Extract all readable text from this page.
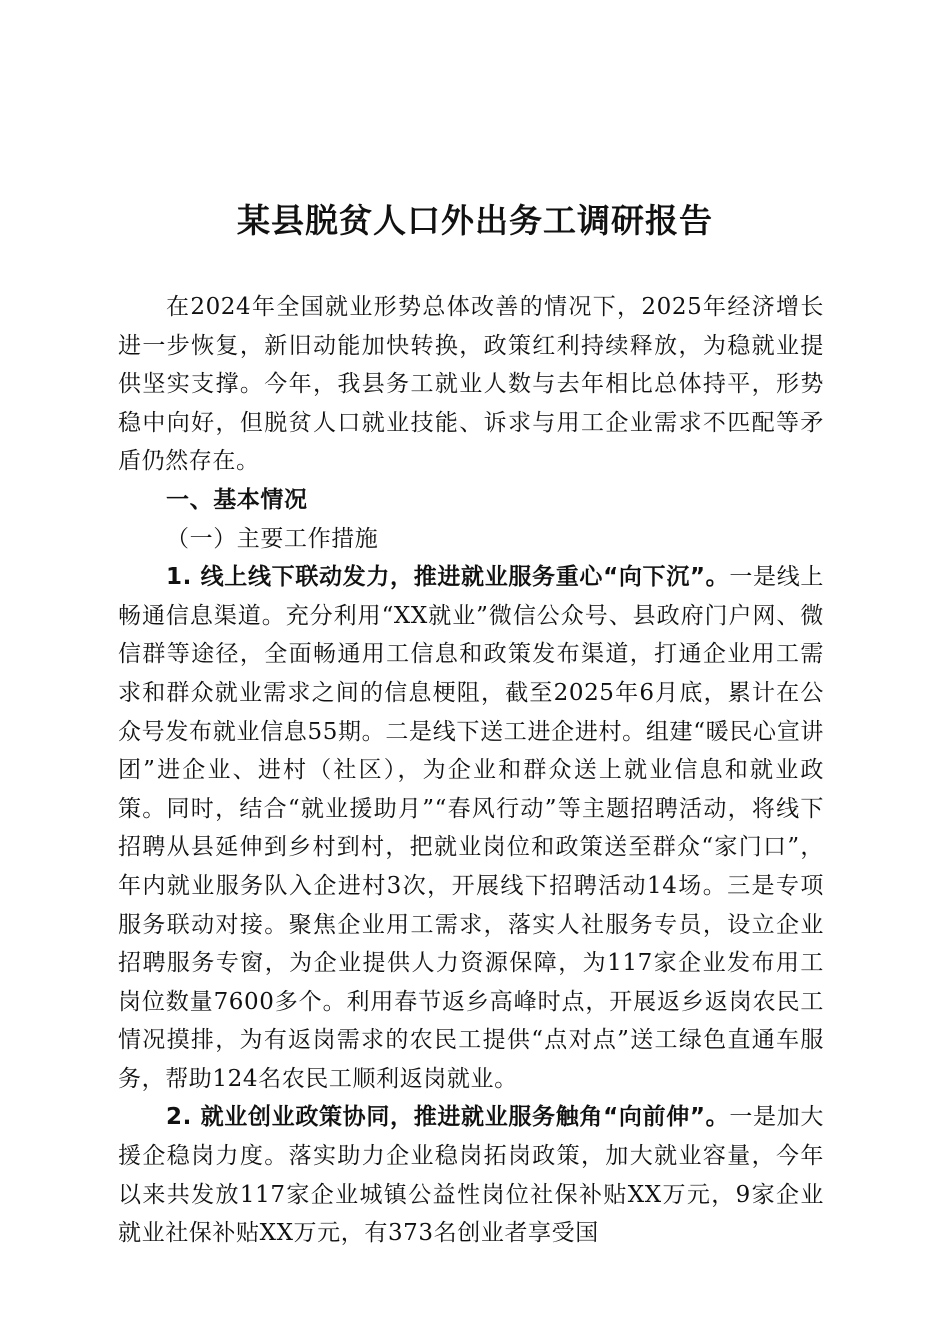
某县脱贫人口外出务工调研报告

在2024年全国就业形势总体改善的情况下，2025年经济增长进一步恢复，新旧动能加快转换，政策红利持续释放，为稳就业提供坚实支撑。今年，我县务工就业人数与去年相比总体持平，形势稳中向好，但脱贫人口就业技能、诉求与用工企业需求不匹配等矛盾仍然存在。

一、基本情况

（一）主要工作措施

1. 线上线下联动发力，推进就业服务重心“向下沉”。一是线上畅通信息渠道。充分利用“XX就业”微信公众号、县政府门户网、微信群等途径，全面畅通用工信息和政策发布渠道，打通企业用工需求和群众就业需求之间的信息梗阻，截至2025年6月底，累计在公众号发布就业信息55期。二是线下送工进企进村。组建“暖民心宣讲团”进企业、进村（社区），为企业和群众送上就业信息和就业政策。同时，结合“就业援助月”“春风行动”等主题招聘活动，将线下招聘从县延伸到乡村到村，把就业岗位和政策送至群众“家门口”，年内就业服务队入企进村3次，开展线下招聘活动14场。三是专项服务联动对接。聚焦企业用工需求，落实人社服务专员，设立企业招聘服务专窗，为企业提供人力资源保障，为117家企业发布用工岗位数量7600多个。利用春节返乡高峰时点，开展返乡返岗农民工情况摸排，为有返岗需求的农民工提供“点对点”送工绿色直通车服务，帮助124名农民工顺利返岗就业。

2. 就业创业政策协同，推进就业服务触角“向前伸”。一是加大援企稳岗力度。落实助力企业稳岗拓岗政策，加大就业容量，今年以来共发放117家企业城镇公益性岗位社保补贴XX万元，9家企业就业社保补贴XX万元，有373名创业者享受国
